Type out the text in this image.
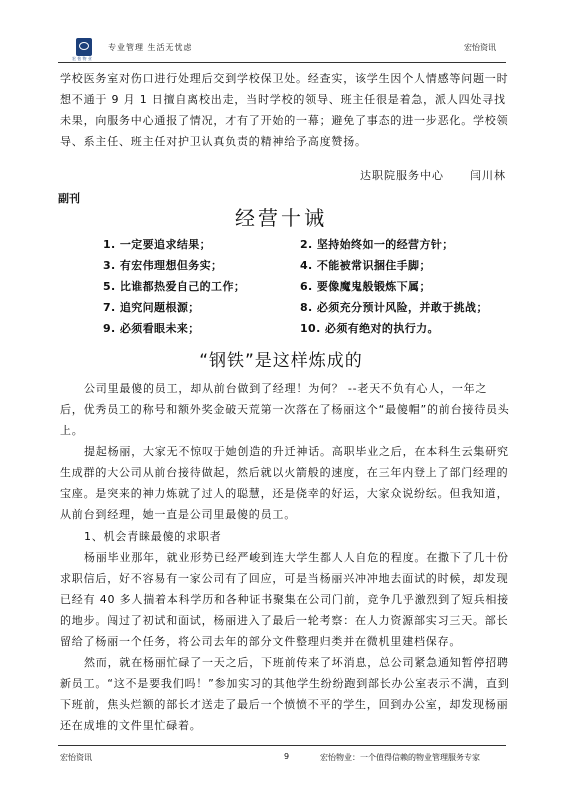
宏 怡 物 业
专业管理 生活无忧虑	宏怡资讯

学校医务室对伤口进行处理后交到学校保卫处。经查实，该学生因个人情感等问题一时想不通于 9 月 1 日擅自离校出走，当时学校的领导、班主任很是着急，派人四处寻找未果，向服务中心通报了情况，才有了开始的一幕；避免了事态的进一步恶化。学校领导、系主任、班主任对护卫认真负责的精神给予高度赞扬。

达职院服务中心 闫川林
副刊
经营十诫
1. 一定要追求结果；	2. 坚持始终如一的经营方针；
3. 有宏伟理想但务实；	4. 不能被常识捆住手脚；
5. 比谁都热爱自己的工作；	6. 要像魔鬼般锻炼下属；
7. 追究问题根源；	8. 必须充分预计风险，并敢于挑战；
9. 必须看眼未来；	10. 必须有绝对的执行力。
“钢铁”是这样炼成的

公司里最傻的员工，却从前台做到了经理！为何？ --老天不负有心人，一年之后，优秀员工的称号和额外奖金破天荒第一次落在了杨丽这个“最傻帽”的前台接待员头上。

提起杨丽，大家无不惊叹于她创造的升迁神话。高职毕业之后，在本科生云集研究生成群的大公司从前台接待做起，然后就以火箭般的速度，在三年内登上了部门经理的宝座。是突来的神力炼就了过人的聪慧，还是侥幸的好运，大家众说纷纭。但我知道，从前台到经理，她一直是公司里最傻的员工。

1、机会青睐最傻的求职者

杨丽毕业那年，就业形势已经严峻到连大学生都人人自危的程度。在撒下了几十份求职信后，好不容易有一家公司有了回应，可是当杨丽兴冲冲地去面试的时候，却发现已经有 40 多人揣着本科学历和各种证书聚集在公司门前，竞争几乎激烈到了短兵相接的地步。闯过了初试和面试，杨丽进入了最后一轮考察：在人力资源部实习三天。部长留给了杨丽一个任务，将公司去年的部分文件整理归类并在微机里建档保存。

然而，就在杨丽忙碌了一天之后，下班前传来了坏消息，总公司紧急通知暂停招聘新员工。“这不是要我们吗！”参加实习的其他学生纷纷跑到部长办公室表示不满，直到下班前，焦头烂额的部长才送走了最后一个愤愤不平的学生，回到办公室，却发现杨丽还在成堆的文件里忙碌着。

宏怡资讯	9	宏怡物业：一个值得信赖的物业管理服务专家
